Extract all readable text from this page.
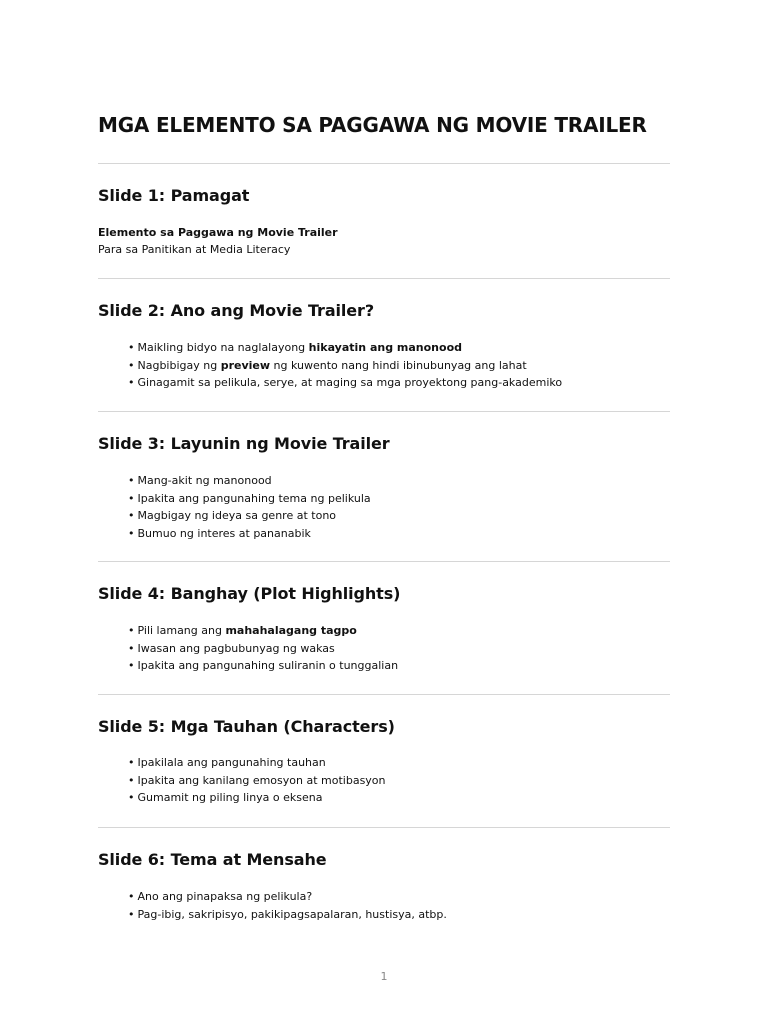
MGA ELEMENTO SA PAGGAWA NG MOVIE TRAILER
Slide 1: Pamagat
Elemento sa Paggawa ng Movie Trailer
Para sa Panitikan at Media Literacy
Slide 2: Ano ang Movie Trailer?
• Maikling bidyo na naglalayong hikayatin ang manonood
• Nagbibigay ng preview ng kuwento nang hindi ibinubunyag ang lahat
• Ginagamit sa pelikula, serye, at maging sa mga proyektong pang-akademiko
Slide 3: Layunin ng Movie Trailer
• Mang-akit ng manonood
• Ipakita ang pangunahing tema ng pelikula
• Magbigay ng ideya sa genre at tono
• Bumuo ng interes at pananabik
Slide 4: Banghay (Plot Highlights)
• Pili lamang ang mahahalagang tagpo
• Iwasan ang pagbubunyag ng wakas
• Ipakita ang pangunahing suliranin o tunggalian
Slide 5: Mga Tauhan (Characters)
• Ipakilala ang pangunahing tauhan
• Ipakita ang kanilang emosyon at motibasyon
• Gumamit ng piling linya o eksena
Slide 6: Tema at Mensahe
• Ano ang pinapaksa ng pelikula?
• Pag-ibig, sakripisyo, pakikipagsapalaran, hustisya, atbp.
1
